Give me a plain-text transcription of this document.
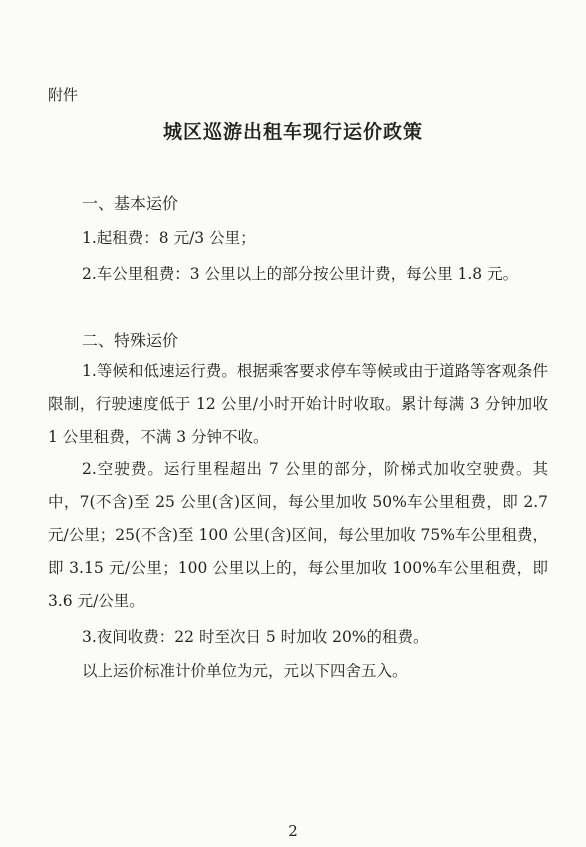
附件
城区巡游出租车现行运价政策
一、基本运价
1.起租费：8 元/3 公里；
2.车公里租费：3 公里以上的部分按公里计费，每公里 1.8 元。
二、特殊运价
1.等候和低速运行费。根据乘客要求停车等候或由于道路等客观条件限制，行驶速度低于 12 公里/小时开始计时收取。累计每满 3 分钟加收 1 公里租费，不满 3 分钟不收。
2.空驶费。运行里程超出 7 公里的部分，阶梯式加收空驶费。其中，7(不含)至 25 公里(含)区间，每公里加收 50%车公里租费，即 2.7 元/公里；25(不含)至 100 公里(含)区间，每公里加收 75%车公里租费，即 3.15 元/公里；100 公里以上的，每公里加收 100%车公里租费，即 3.6 元/公里。
3.夜间收费：22 时至次日 5 时加收 20%的租费。
以上运价标准计价单位为元，元以下四舍五入。
2
